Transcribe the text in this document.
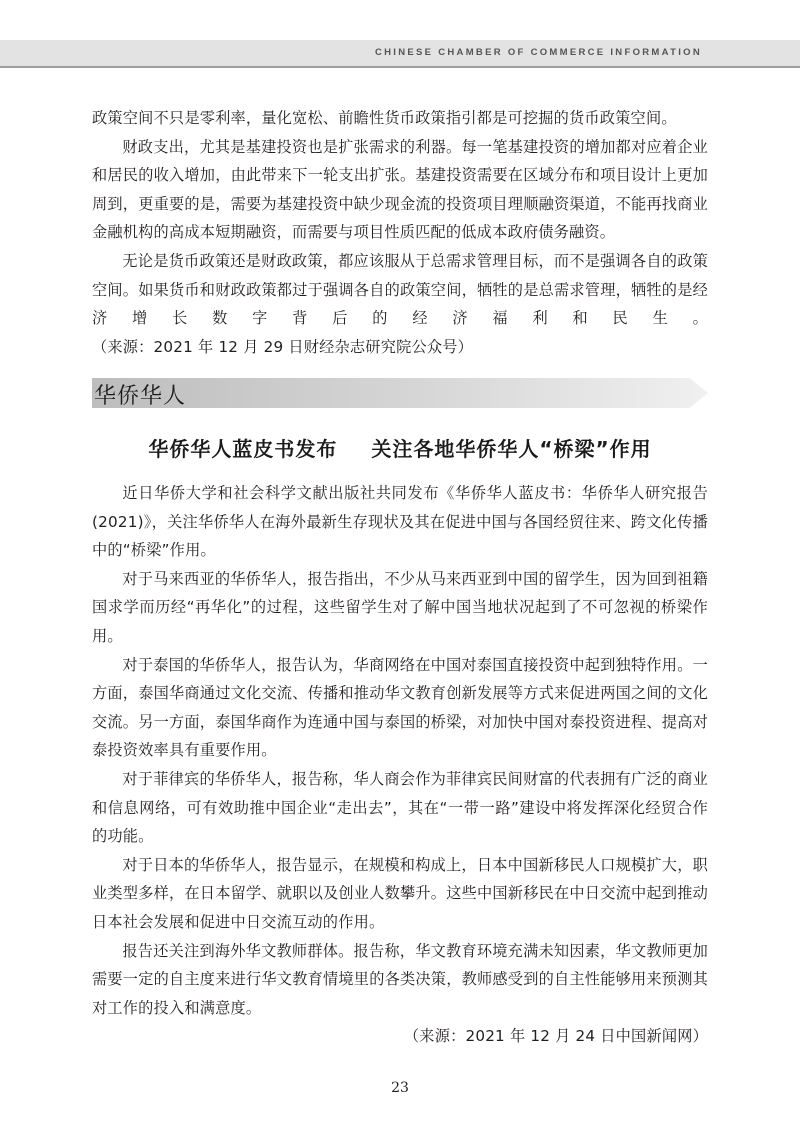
CHINESE CHAMBER OF COMMERCE INFORMATION

政策空间不只是零利率，量化宽松、前瞻性货币政策指引都是可挖掘的货币政策空间。

财政支出，尤其是基建投资也是扩张需求的利器。每一笔基建投资的增加都对应着企业和居民的收入增加，由此带来下一轮支出扩张。基建投资需要在区域分布和项目设计上更加周到，更重要的是，需要为基建投资中缺少现金流的投资项目理顺融资渠道，不能再找商业金融机构的高成本短期融资，而需要与项目性质匹配的低成本政府债务融资。

无论是货币政策还是财政政策，都应该服从于总需求管理目标，而不是强调各自的政策空间。如果货币和财政政策都过于强调各自的政策空间，牺牲的是总需求管理，牺牲的是经济增长数字背后的经济福利和民生。（来源：2021 年 12 月 29 日财经杂志研究院公众号）

华侨华人
华侨华人蓝皮书发布 关注各地华侨华人“桥梁”作用

近日华侨大学和社会科学文献出版社共同发布《华侨华人蓝皮书：华侨华人研究报告(2021)》，关注华侨华人在海外最新生存现状及其在促进中国与各国经贸往来、跨文化传播中的“桥梁”作用。

对于马来西亚的华侨华人，报告指出，不少从马来西亚到中国的留学生，因为回到祖籍国求学而历经“再华化”的过程，这些留学生对了解中国当地状况起到了不可忽视的桥梁作用。

对于泰国的华侨华人，报告认为，华商网络在中国对泰国直接投资中起到独特作用。一方面，泰国华商通过文化交流、传播和推动华文教育创新发展等方式来促进两国之间的文化交流。另一方面，泰国华商作为连通中国与泰国的桥梁，对加快中国对泰投资进程、提高对泰投资效率具有重要作用。

对于菲律宾的华侨华人，报告称，华人商会作为菲律宾民间财富的代表拥有广泛的商业和信息网络，可有效助推中国企业“走出去”，其在“一带一路”建设中将发挥深化经贸合作的功能。

对于日本的华侨华人，报告显示，在规模和构成上，日本中国新移民人口规模扩大，职业类型多样，在日本留学、就职以及创业人数攀升。这些中国新移民在中日交流中起到推动日本社会发展和促进中日交流互动的作用。

报告还关注到海外华文教师群体。报告称，华文教育环境充满未知因素，华文教师更加需要一定的自主度来进行华文教育情境里的各类决策，教师感受到的自主性能够用来预测其对工作的投入和满意度。

（来源：2021 年 12 月 24 日中国新闻网）

23
